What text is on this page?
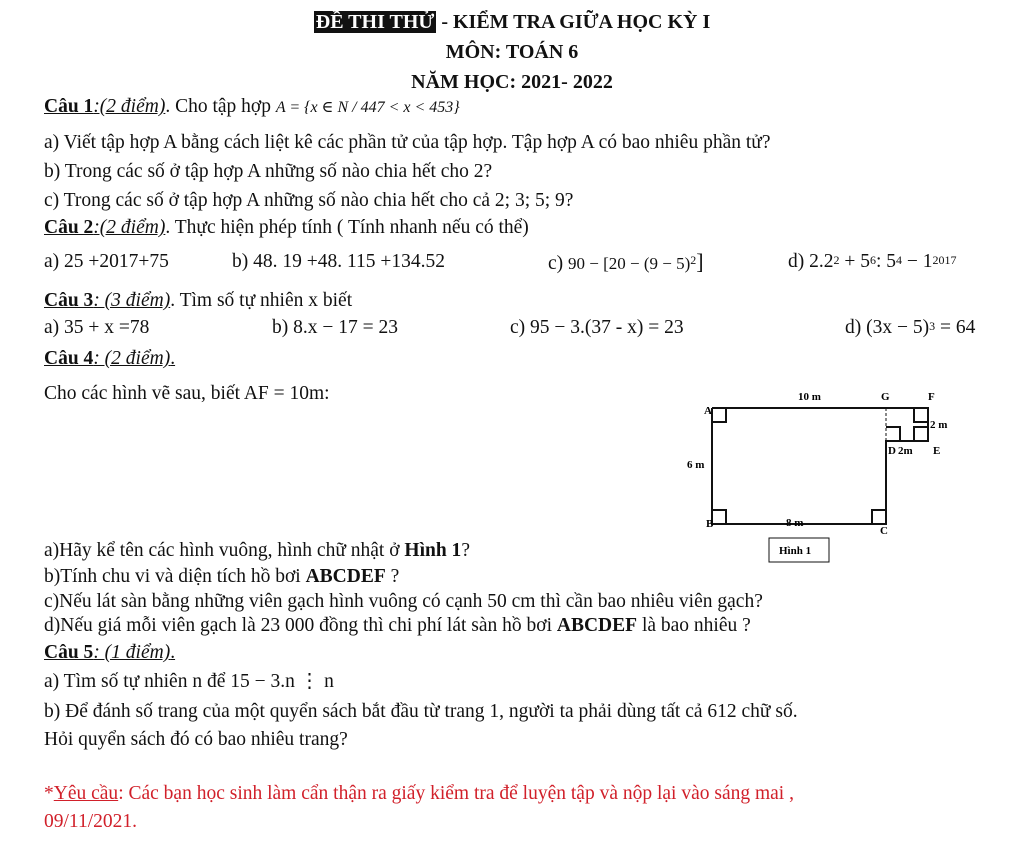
ĐỀ THI THỬ - KIỂM TRA GIỮA HỌC KỲ I
MÔN: TOÁN 6
NĂM HỌC: 2021- 2022
Câu 1:(2 điểm). Cho tập hợp A = {x ∈ N / 447 < x < 453}
a) Viết tập hợp A bằng cách liệt kê các phần tử của tập hợp. Tập hợp A có bao nhiêu phần tử?
b) Trong các số ở tập hợp A những số nào chia hết cho 2?
c) Trong các số ở tập hợp A những số nào chia hết cho cả 2; 3; 5; 9?
Câu 2:(2 điểm). Thực hiện phép tính ( Tính nhanh nếu có thể)
a) 25 +2017+75	b) 48. 19 +48. 115 +134.52	c) $90 - [20 - (9 - 5)^2]$	d) $2.2^2 + 5^6$: $5^4 - 1^{2017}$
Câu 3: (3 điểm). Tìm số tự nhiên x biết
a) 35 + x =78	b) 8.x − 17 = 23	c) 95 − 3.(37 - x) = 23	d) $(3x - 5)^3 = 64$
Câu 4: (2 điểm).
Cho các hình vẽ sau, biết AF = 10m:
A
G	F
D	E
B
C
10 m
2 m
2m
6 m
8 m
Hình 1
a)Hãy kể tên các hình vuông, hình chữ nhật ở Hình 1?
b)Tính chu vi và diện tích hồ bơi ABCDEF ?
c)Nếu lát sàn bằng những viên gạch hình vuông có cạnh 50 cm thì cần bao nhiêu viên gạch?
d)Nếu giá mỗi viên gạch là 23 000 đồng thì chi phí lát sàn hồ bơi ABCDEF là bao nhiêu ?
Câu 5: (1 điểm).
a) Tìm số tự nhiên n để 15 − 3.n ⋮ n
b) Để đánh số trang của một quyển sách bắt đầu từ trang 1, người ta phải dùng tất cả 612 chữ số.
Hỏi quyển sách đó có bao nhiêu trang?
*Yêu cầu: Các bạn học sinh làm cẩn thận ra giấy kiểm tra để luyện tập và nộp lại vào sáng mai ,
09/11/2021.
